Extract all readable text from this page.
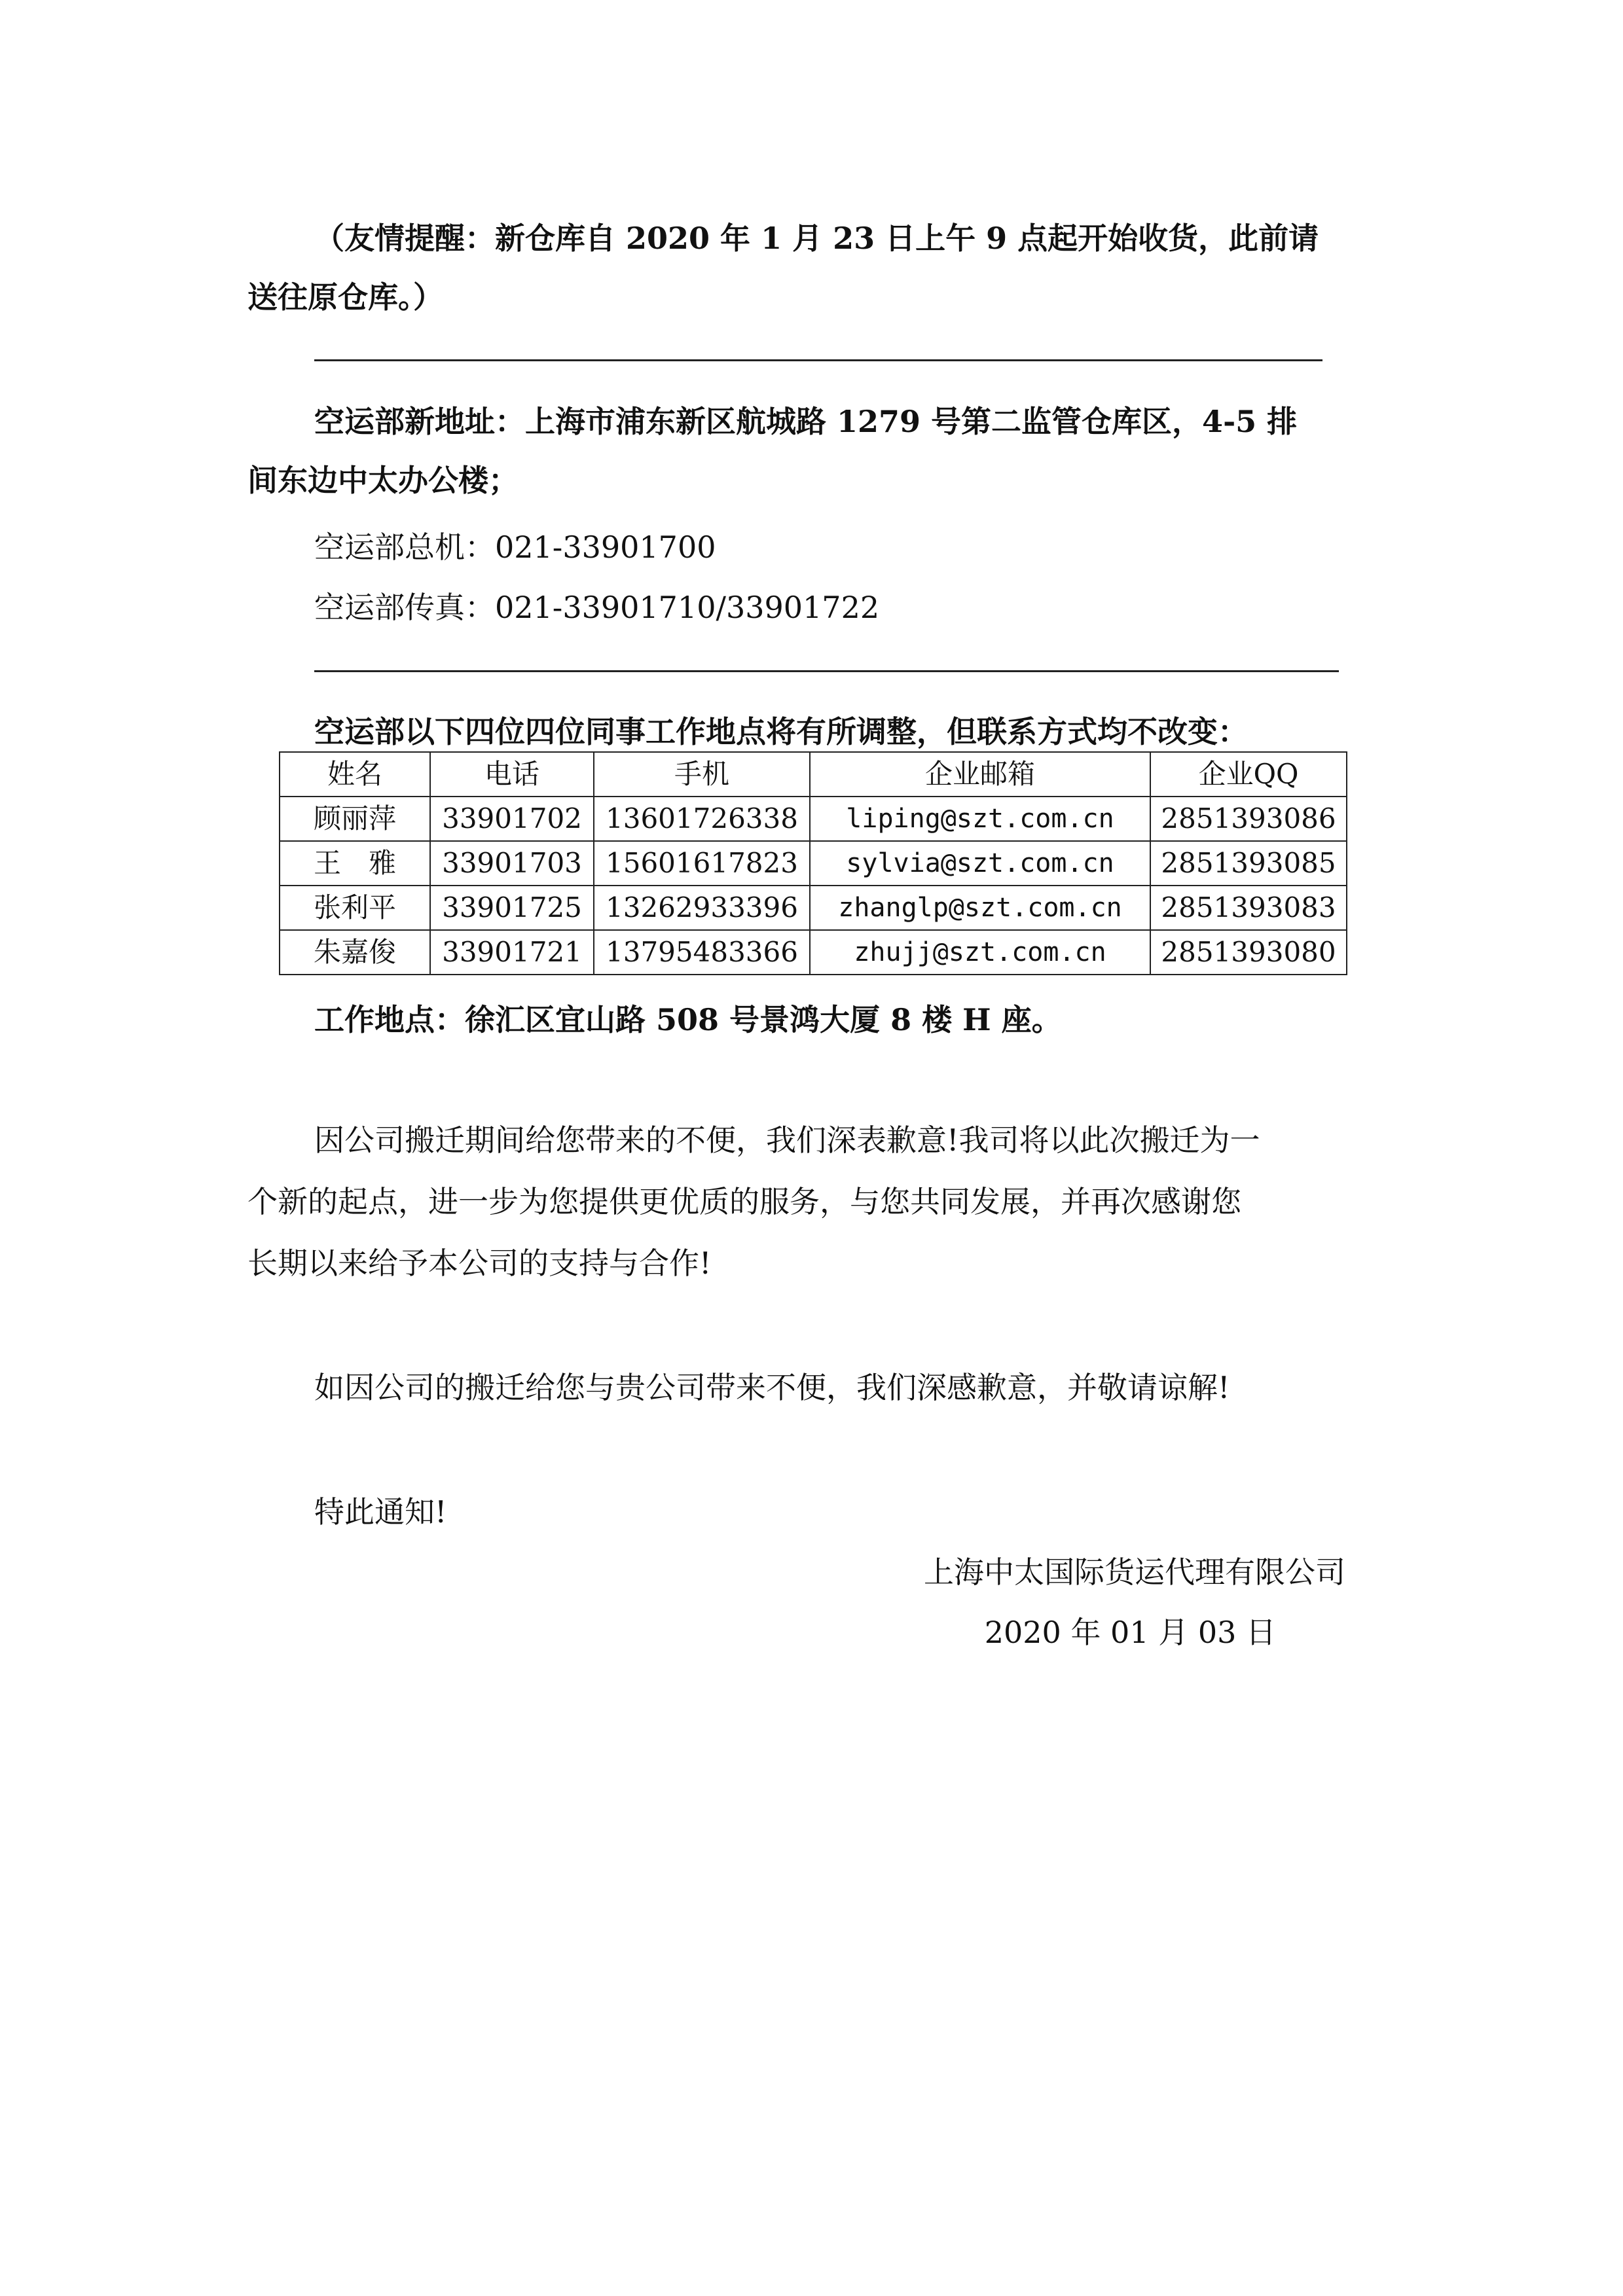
（友情提醒：新仓库自 2020 年 1 月 23 日上午 9 点起开始收货，此前请
送往原仓库。）
空运部新地址：上海市浦东新区航城路 1279 号第二监管仓库区，4-5 排
间东边中太办公楼；
空运部总机：021-33901700
空运部传真：021-33901710/33901722
空运部以下四位四位同事工作地点将有所调整，但联系方式均不改变：
姓名	电话	手机	企业邮箱	企业QQ
顾丽萍	33901702	13601726338	liping@szt.com.cn	2851393086
王　雅	33901703	15601617823	sylvia@szt.com.cn	2851393085
张利平	33901725	13262933396	zhanglp@szt.com.cn	2851393083
朱嘉俊	33901721	13795483366	zhujj@szt.com.cn	2851393080
工作地点：徐汇区宜山路 508 号景鸿大厦 8 楼 H 座。
因公司搬迁期间给您带来的不便，我们深表歉意!我司将以此次搬迁为一
个新的起点，进一步为您提供更优质的服务，与您共同发展，并再次感谢您
长期以来给予本公司的支持与合作!
如因公司的搬迁给您与贵公司带来不便，我们深感歉意，并敬请谅解!
特此通知!
上海中太国际货运代理有限公司
2020 年 01 月 03 日
